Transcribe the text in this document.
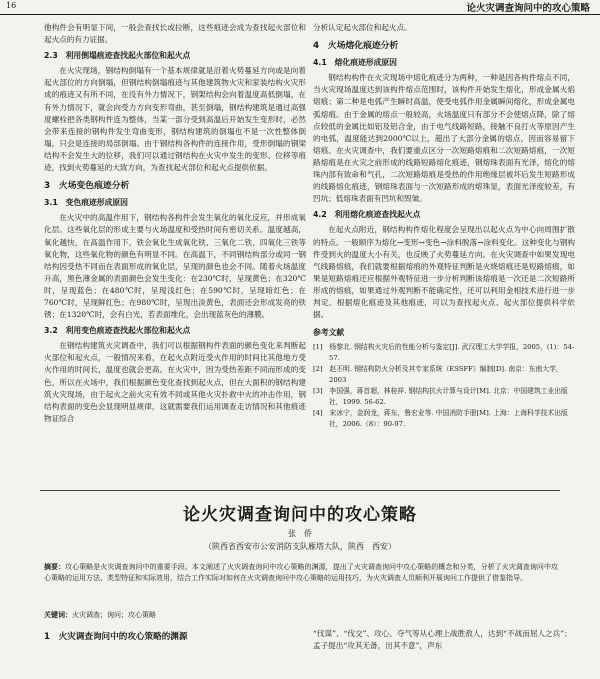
16	论火灾调查询问中的攻心策略

他构件会有明显下间，一般会查找长或拉断，这些痕迹会成为查找起火部位和起火点的有力证据。

2.3　利用倒塌痕迹查找起火部位和起火点

在火灾现场，钢结构倒塌有一个基本规律就是沿着火势蔓延方向或是向着起火部位的方向倒塌，但钢结构倒塌痕迹与其他建筑物火灾和家装结构火灾形成的痕迹又有所不同，在没有外力情况下，钢架结构会向着温度高低倒塌，在有外力情况下，就会向受力方向变形弯曲，甚至倒塌，钢结构建筑是通过高强度螺栓把各类钢构件连为整体，当某一部分受到高温后开始发生变形时，必然会带来连接的钢构件发生弯曲变形，钢结构建筑的倒塌也不是一次性整体倒塌，只会是连接的局部倒塌。由于钢结构各构件的连接作用，受形倒塌的钢梁结构不会发生大的位移，我们可以通过钢结构在火灾中发生的变形、位移等痕迹，找到火势蔓延的大致方向，为查找起火部位和起火点提供依据。

3　火场变色痕迹分析
3.1　变色痕迹形成原因

在火灾中的高温作用下，钢结构各构件会发生氧化的氧化反应，并形成氧化层。这些氧化层的形成主要与火场温度和受热时间有密切关系。温度越高，氧化越快，在高温作用下，铁会氧化生成氧化铁、三氧化二铁、四氧化三铁等氧化物，这些氧化物的颜色有明显不同。在高温下，不同钢结构部分或同一钢结构因受热不同而在表面形成的氧化层，呈现的颜色也会不同。随着火场温度升高，黑色薄金属的表面颜色会发生变化：在230℃时，呈现黄色；在320℃时，呈现蓝色；在480℃时，呈现浅红色；在590℃时，呈现暗红色；在760℃时，呈现鲜红色；在980℃时，呈现出淡黄色，表面还会形成发亮的铁锈；在1320℃时，会有白光，若表面堆化，会出现蓝灰色的薄膜。

3.2　利用变色痕迹查找起火部位和起火点

在钢结构建筑火灾调查中，我们可以根据钢构件表面的颜色变化来判断起火部位和起火点，一般情况来看，在起火点附近受火作用的时间比其他地方受火作用的时间长，温度也就会更高。在火灾中，因为受热差距不同而形成的变色，所以在火场中，我们根据颜色变化查找到起火点，但在大面积的钢结构建筑火灾现场，由于起火之前火灾有效不同或其他火灾扑救中火的冲击作用，钢结构表面的变色会显现明显规律，这就需要我们运用调查走访情况和其他痕迹物证综合

分析认定起火部位和起火点。

4　火场熔化痕迹分析
4.1　熔化痕迹形成原因

钢结构构件在火灾现场中熔化痕迹分为两种，一种是因各构件熔点不同，当火灾现场温度达到该构件熔点范围时，该构件开始发生熔化，形成金属火焰熔痕；第二种是电弧产生瞬时高温，使受电弧作用金属瞬间熔化，形成金属电弧熔痕。由于金属的熔点一般较高，火场温度只有部分不会使熔点降，除了熔点较低的金属比如铝及铝合金，由于电气线路短路，接触不良打火等原因产生的电弧，温度能达到2000℃以上，超出了大部分金属的熔点，因而容易留下熔痕。在火灾调查中，我们要重点区分一次短路熔痕和二次短路熔痕，一次短路熔痕是在火灾之前形成的线路短路熔化痕迹，钢熔珠表面有光泽，熔化的熔珠内部有致命和气孔，二次短路熔痕是受热的作用绝缘层被坏后发生短路形成的线路熔化痕迹，钢熔珠表面与一次短路形成的熔珠显，表面光泽度较差，有凹坑；低熔珠表面有凹坑和毁皱。

4.2　利用熔化痕迹查找起火点

在起火点附近，钢结构构件熔化程度会呈现出以起火点为中心向周围扩散的特点。一般顺序为熔化→变形→变色→涂料脱落→涂料变化。这种变化与钢构件受到火的温度大小有关，也反映了火势蔓延方向。在火灾调查中如果发现电气线路熔痕，我们就要根据熔痕的外观特征判断是火烧熔痕还是短路熔痕，如果是短路熔痕还应根据外观特征进一步分析判断该熔痕是一次还是二次短路所形成的熔痕，如果通过外观判断不能确定性，还可以利用金相技术进行进一步判定。根据熔化痕迹及其他痕迹，可以为查找起火点、起火部位提供科学依据。

参考文献
[1]　杨黎北. 钢结构火灾后的性能分析与鉴定[J]. 武汉理工大学学报，2005，(1)：54-57.
[2]　赵丕明. 钢结构防火分析及其专家系统（ESSFF）编制[D]. 南京：东南大学，2003
[3]　李国强，蒋首超，林桂祥. 钢结构抗火计算与设计[M]. 北京：中国建筑工业出版社，1999. 56-62.
[4]　宋冰宁，金润龙，蒋东，鲁宏业等. 中国消防手册[M]. 上海：上海科学技术出版社，2006.（8）：90-97.
论火灾调查询问中的攻心策略
张　侨
（陕西省西安市公安消防支队雁塔大队，陕西　西安）
摘要：攻心策略是火灾调查询问中的重要手段。本文阐述了火灾调查询问中攻心策略的渊源，提出了火灾调查询问中攻心策略的概念和分类，分析了火灾调查询问中攻心策略的运用方法、类型特征和实际效用，结合工作实际对如何在火灾调查询问中攻心策略的运用技巧，为火灾调查人员顺利开展询问工作提供了借鉴指导。
关键词：火灾调查；询问；攻心策略
1　火灾调查询问中的攻心策略的渊源	“伐谋”、“伐交”、攻心、夺气等从心理上战胜敌人，达到“不战而屈人之兵”；孟子提出“攻其无备，出其不意”，声东
